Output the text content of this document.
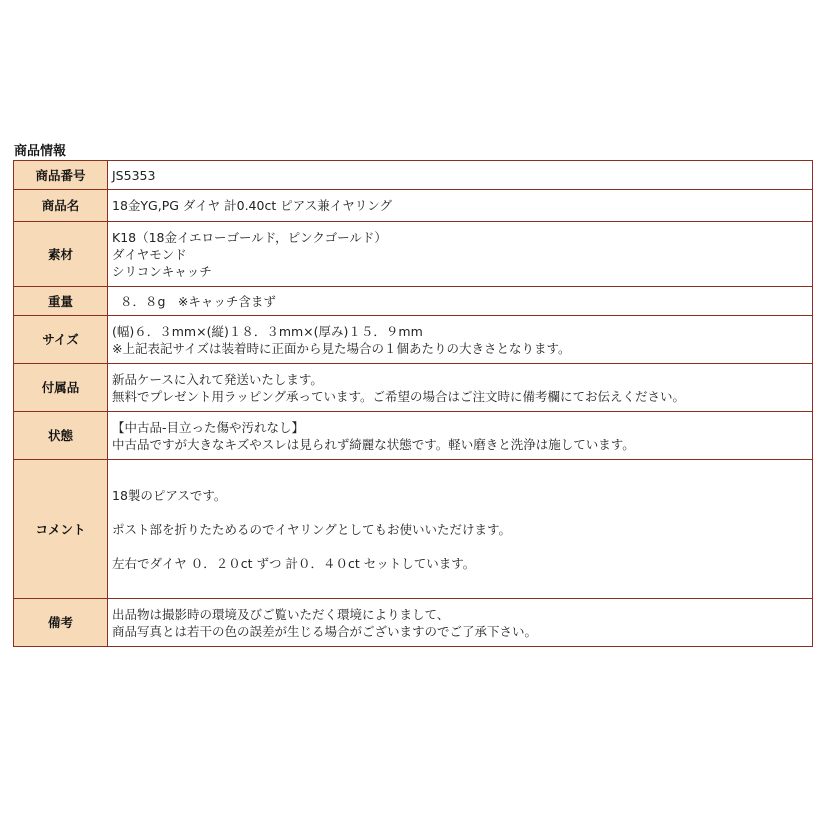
商品情報
商品番号	JS5353

商品名	18金YG,PG ダイヤ 計0.40ct ピアス兼イヤリング

素材	K18（18金イエローゴールド，ピンクゴールド）
ダイヤモンド
シリコンキャッチ

重量	８．８g　※キャッチ含まず

サイズ	(幅)６．３mm×(縦)１８．３mm×(厚み)１５．９mm
※上記表記サイズは装着時に正面から見た場合の１個あたりの大きさとなります。

付属品	新品ケースに入れて発送いたします。
無料でプレゼント用ラッピング承っています。ご希望の場合はご注文時に備考欄にてお伝えください。

状態	【中古品-目立った傷や汚れなし】
中古品ですが大きなキズやスレは見られず綺麗な状態です。軽い磨きと洗浄は施しています。

コメント	18製のピアスです。
ポスト部を折りたためるのでイヤリングとしてもお使いいただけます。
左右でダイヤ ０．２０ct ずつ 計０．４０ct セットしています。

備考	出品物は撮影時の環境及びご覧いただく環境によりまして、
商品写真とは若干の色の誤差が生じる場合がございますのでご了承下さい。
